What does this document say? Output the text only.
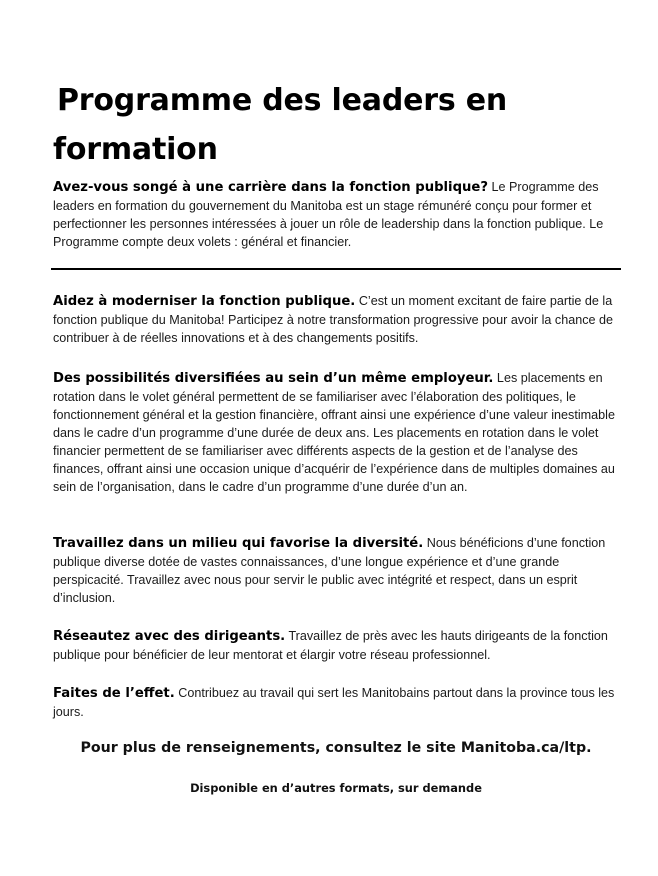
Programme des leaders en
formation

Avez-vous songé à une carrière dans la fonction publique? Le Programme des leaders en formation du gouvernement du Manitoba est un stage rémunéré conçu pour former et perfectionner les personnes intéressées à jouer un rôle de leadership dans la fonction publique. Le Programme compte deux volets : général et financier.

Aidez à moderniser la fonction publique. C’est un moment excitant de faire partie de la fonction publique du Manitoba! Participez à notre transformation progressive pour avoir la chance de contribuer à de réelles innovations et à des changements positifs.

Des possibilités diversifiées au sein d’un même employeur. Les placements en rotation dans le volet général permettent de se familiariser avec l’élaboration des politiques, le fonctionnement général et la gestion financière, offrant ainsi une expérience d’une valeur inestimable dans le cadre d’un programme d’une durée de deux ans. Les placements en rotation dans le volet financier permettent de se familiariser avec différents aspects de la gestion et de l’analyse des finances, offrant ainsi une occasion unique d’acquérir de l’expérience dans de multiples domaines au sein de l’organisation, dans le cadre d’un programme d’une durée d’un an.

Travaillez dans un milieu qui favorise la diversité. Nous bénéficions d’une fonction publique diverse dotée de vastes connaissances, d’une longue expérience et d’une grande perspicacité. Travaillez avec nous pour servir le public avec intégrité et respect, dans un esprit d’inclusion.

Réseautez avec des dirigeants. Travaillez de près avec les hauts dirigeants de la fonction publique pour bénéficier de leur mentorat et élargir votre réseau professionnel.

Faites de l’effet. Contribuez au travail qui sert les Manitobains partout dans la province tous les jours.

Pour plus de renseignements, consultez le site Manitoba.ca/ltp.

Disponible en d’autres formats, sur demande
